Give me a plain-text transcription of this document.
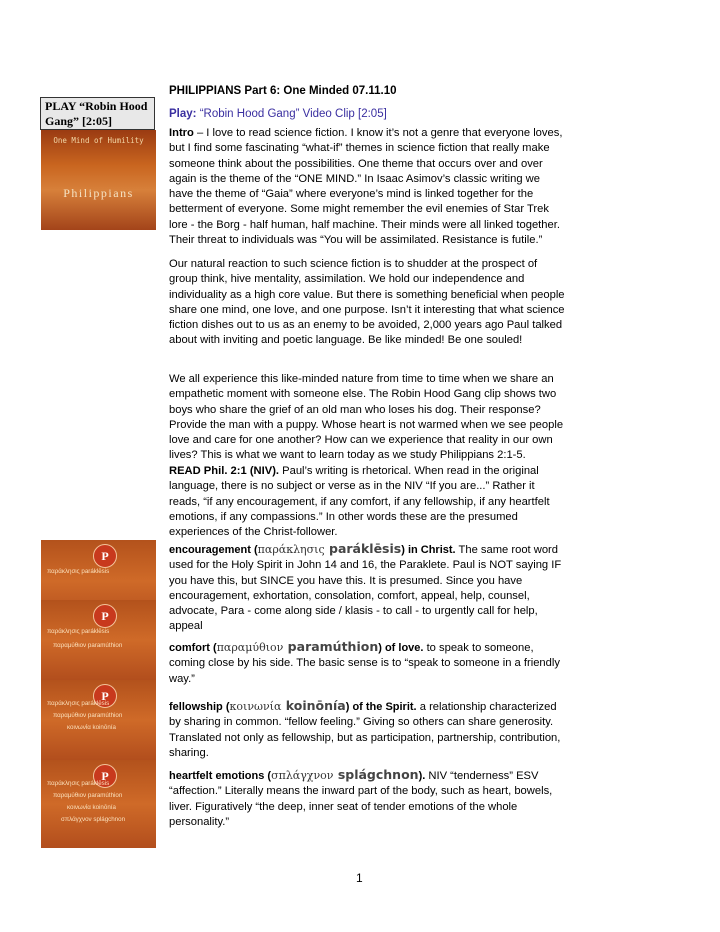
PHILIPPIANS Part 6: One Minded 07.11.10
PLAY “Robin Hood
Gang” [2:05]	Play: “Robin Hood Gang” Video Clip [2:05]
One Mind of Humility
Philippians
P
παράκλησις paráklēsis
P
παράκλησις paráklēsis
παραμύθιον paramúthion
P
παράκλησις paráklēsis
παραμύθιον paramúthion
κοινωνία koinōnía
P
παράκλησις paráklēsis
παραμύθιον paramúthion
κοινωνία koinōnía
σπλάγχνον splágchnon

Intro – I love to read science fiction. I know it’s not a genre that everyone loves, but I find some fascinating “what-if” themes in science fiction that really make someone think about the possibilities. One theme that occurs over and over again is the theme of the “ONE MIND.” In Isaac Asimov’s classic writing we have the theme of “Gaia” where everyone’s mind is linked together for the betterment of everyone. Some might remember the evil enemies of Star Trek lore - the Borg - half human, half machine. Their minds were all linked together. Their threat to individuals was “You will be assimilated. Resistance is futile.”

Our natural reaction to such science fiction is to shudder at the prospect of group think, hive mentality, assimilation. We hold our independence and individuality as a high core value. But there is something beneficial when people share one mind, one love, and one purpose. Isn’t it interesting that what science fiction dishes out to us as an enemy to be avoided, 2,000 years ago Paul talked about with inviting and poetic language. Be like minded! Be one souled!

We all experience this like-minded nature from time to time when we share an empathetic moment with someone else. The Robin Hood Gang clip shows two boys who share the grief of an old man who loses his dog. Their response? Provide the man with a puppy. Whose heart is not warmed when we see people love and care for one another? How can we experience that reality in our own lives? This is what we want to learn today as we study Philippians 2:1-5.

READ Phil. 2:1 (NIV). Paul’s writing is rhetorical. When read in the original language, there is no subject or verse as in the NIV “If you are...” Rather it reads, “if any encouragement, if any comfort, if any fellowship, if any heartfelt emotions, if any compassions.” In other words these are the presumed experiences of the Christ-follower.

encouragement (παράκλησις paráklēsis) in Christ. The same root word used for the Holy Spirit in John 14 and 16, the Paraklete. Paul is NOT saying IF you have this, but SINCE you have this. It is presumed. Since you have encouragement, exhortation, consolation, comfort, appeal, help, counsel, advocate, Para - come along side / klasis - to call - to urgently call for help, appeal

comfort (παραμύθιον paramúthion) of love. to speak to someone, coming close by his side. The basic sense is to “speak to someone in a friendly way.”

fellowship (κοινωνία koinōnía) of the Spirit. a relationship characterized by sharing in common. “fellow feeling.” Giving so others can share generosity. Translated not only as fellowship, but as participation, partnership, contribution, sharing.

heartfelt emotions (σπλάγχνον splágchnon). NIV “tenderness” ESV “affection.” Literally means the inward part of the body, such as heart, bowels, liver. Figuratively “the deep, inner seat of tender emotions of the whole personality.”

1
